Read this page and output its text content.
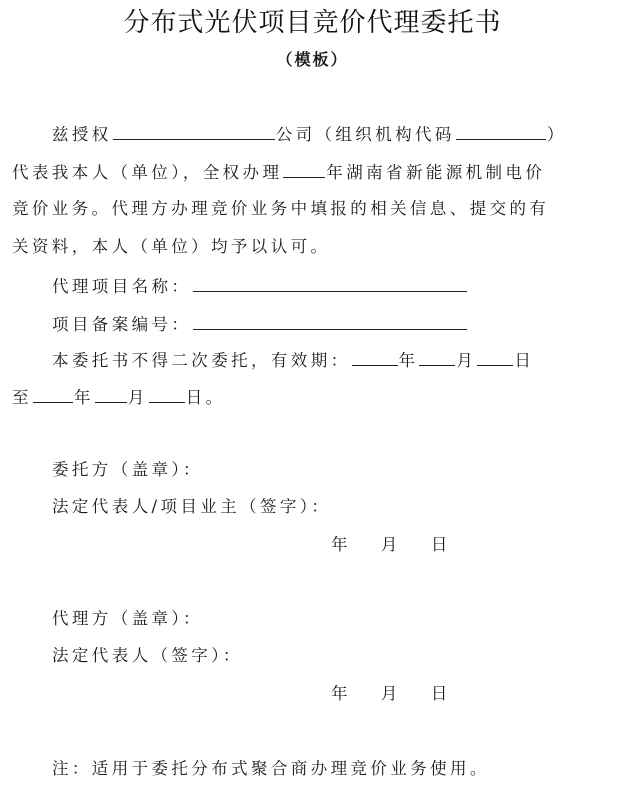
分布式光伏项目竞价代理委托书
（模板）
兹授权	公司（组织机构代码	）
代表我本人（单位），全权办理	年湖南省新能源机制电价
竞价业务。代理方办理竞价业务中填报的相关信息、提交的有
关资料，本人（单位）均予以认可。
代理项目名称：
项目备案编号：
本委托书不得二次委托，有效期：	年 月 日
至	年 月 日。
委托方（盖章）：
法定代表人/项目业主（签字）：
年 月 日
代理方（盖章）：
法定代表人（签字）：
年 月 日
注：适用于委托分布式聚合商办理竞价业务使用。
